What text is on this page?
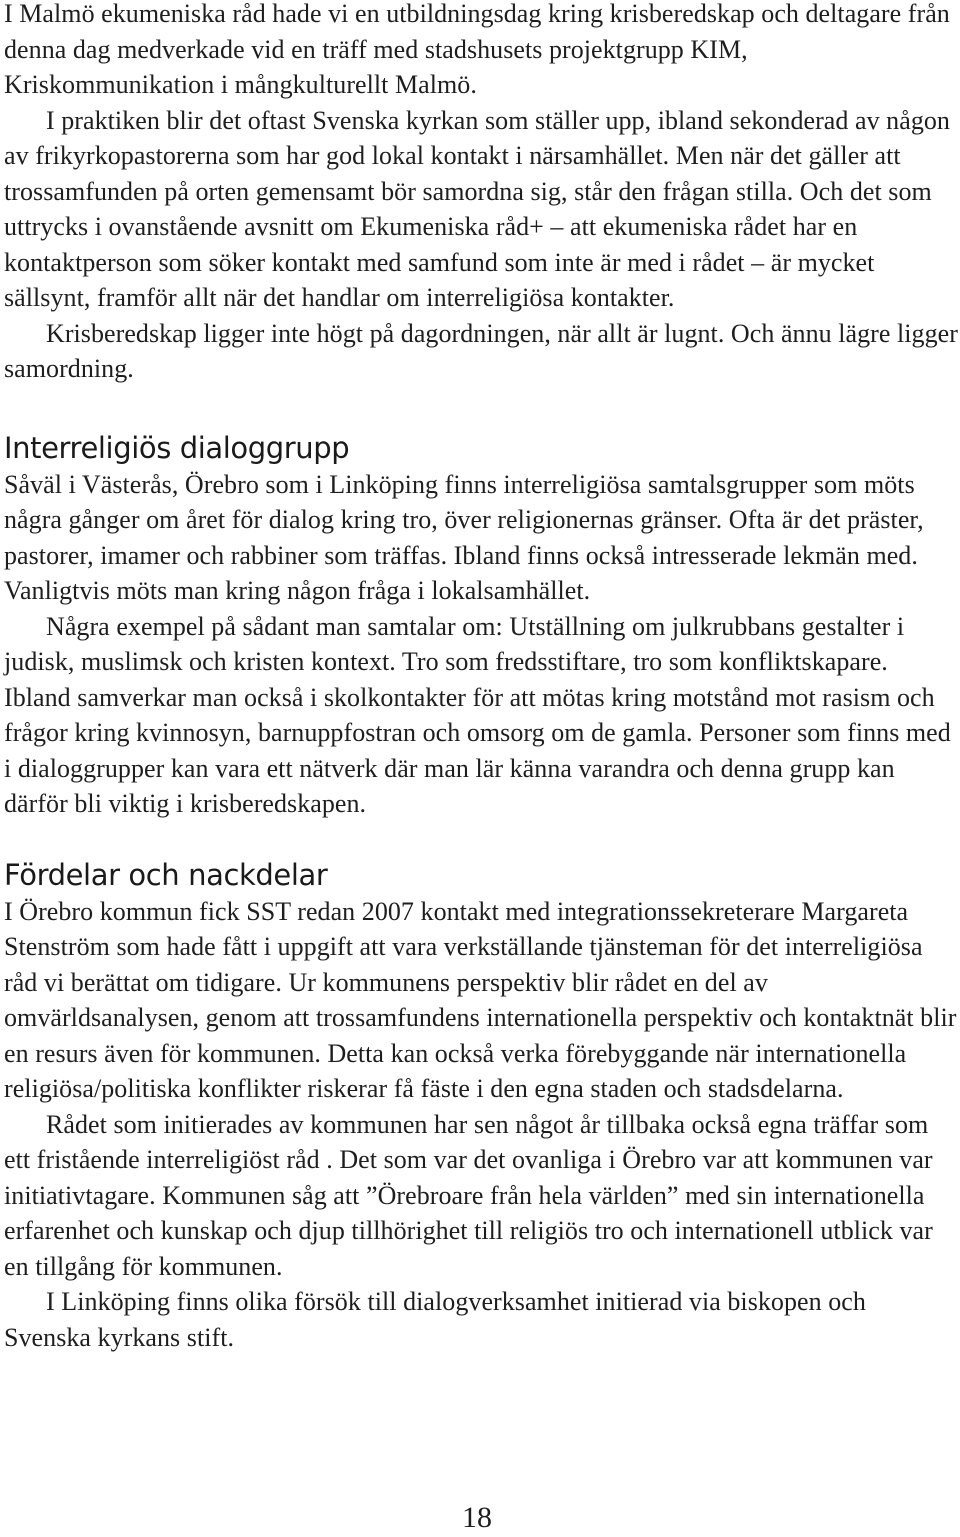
I Malmö ekumeniska råd hade vi en utbildningsdag kring krisberedskap och deltagare från denna dag medverkade vid en träff med stadshusets projektgrupp KIM, Kriskommunikation i mångkulturellt Malmö.

I praktiken blir det oftast Svenska kyrkan som ställer upp, ibland sekonderad av någon av frikyrkopastorerna som har god lokal kontakt i närsamhället. Men när det gäller att trossamfunden på orten gemensamt bör samordna sig, står den frågan stilla. Och det som uttrycks i ovanstående avsnitt om Ekumeniska råd+ – att ekumeniska rådet har en kontaktperson som söker kontakt med samfund som inte är med i rådet – är mycket sällsynt, framför allt när det handlar om interreligiösa kontakter.

Krisberedskap ligger inte högt på dagordningen, när allt är lugnt. Och ännu lägre ligger samordning.

Interreligiös dialoggrupp

Såväl i Västerås, Örebro som i Linköping finns interreligiösa samtalsgrupper som möts några gånger om året för dialog kring tro, över religionernas gränser. Ofta är det präster, pastorer, imamer och rabbiner som träffas. Ibland finns också intresserade lekmän med. Vanligtvis möts man kring någon fråga i lokalsamhället.

Några exempel på sådant man samtalar om: Utställning om julkrubbans gestalter i judisk, muslimsk och kristen kontext. Tro som fredsstiftare, tro som konfliktskapare. Ibland samverkar man också i skolkontakter för att mötas kring motstånd mot rasism och frågor kring kvinnosyn, barnuppfostran och omsorg om de gamla. Personer som finns med i dialoggrupper kan vara ett nätverk där man lär känna varandra och denna grupp kan därför bli viktig i krisberedskapen.

Fördelar och nackdelar

I Örebro kommun fick SST redan 2007 kontakt med integrationssekreterare Margareta Stenström som hade fått i uppgift att vara verkställande tjänsteman för det interreligiösa råd vi berättat om tidigare. Ur kommunens perspektiv blir rådet en del av omvärldsanalysen, genom att trossamfundens internationella perspektiv och kontaktnät blir en resurs även för kommunen. Detta kan också verka förebyggande när internationella religiösa/politiska konflikter riskerar få fäste i den egna staden och stadsdelarna.

Rådet som initierades av kommunen har sen något år tillbaka också egna träffar som ett fristående interreligiöst råd . Det som var det ovanliga i Örebro var att kommunen var initiativtagare. Kommunen såg att ”Örebroare från hela världen” med sin internationella erfarenhet och kunskap och djup tillhörighet till religiös tro och internationell utblick var en tillgång för kommunen.

I Linköping finns olika försök till dialogverksamhet initierad via biskopen och Svenska kyrkans stift.

18
